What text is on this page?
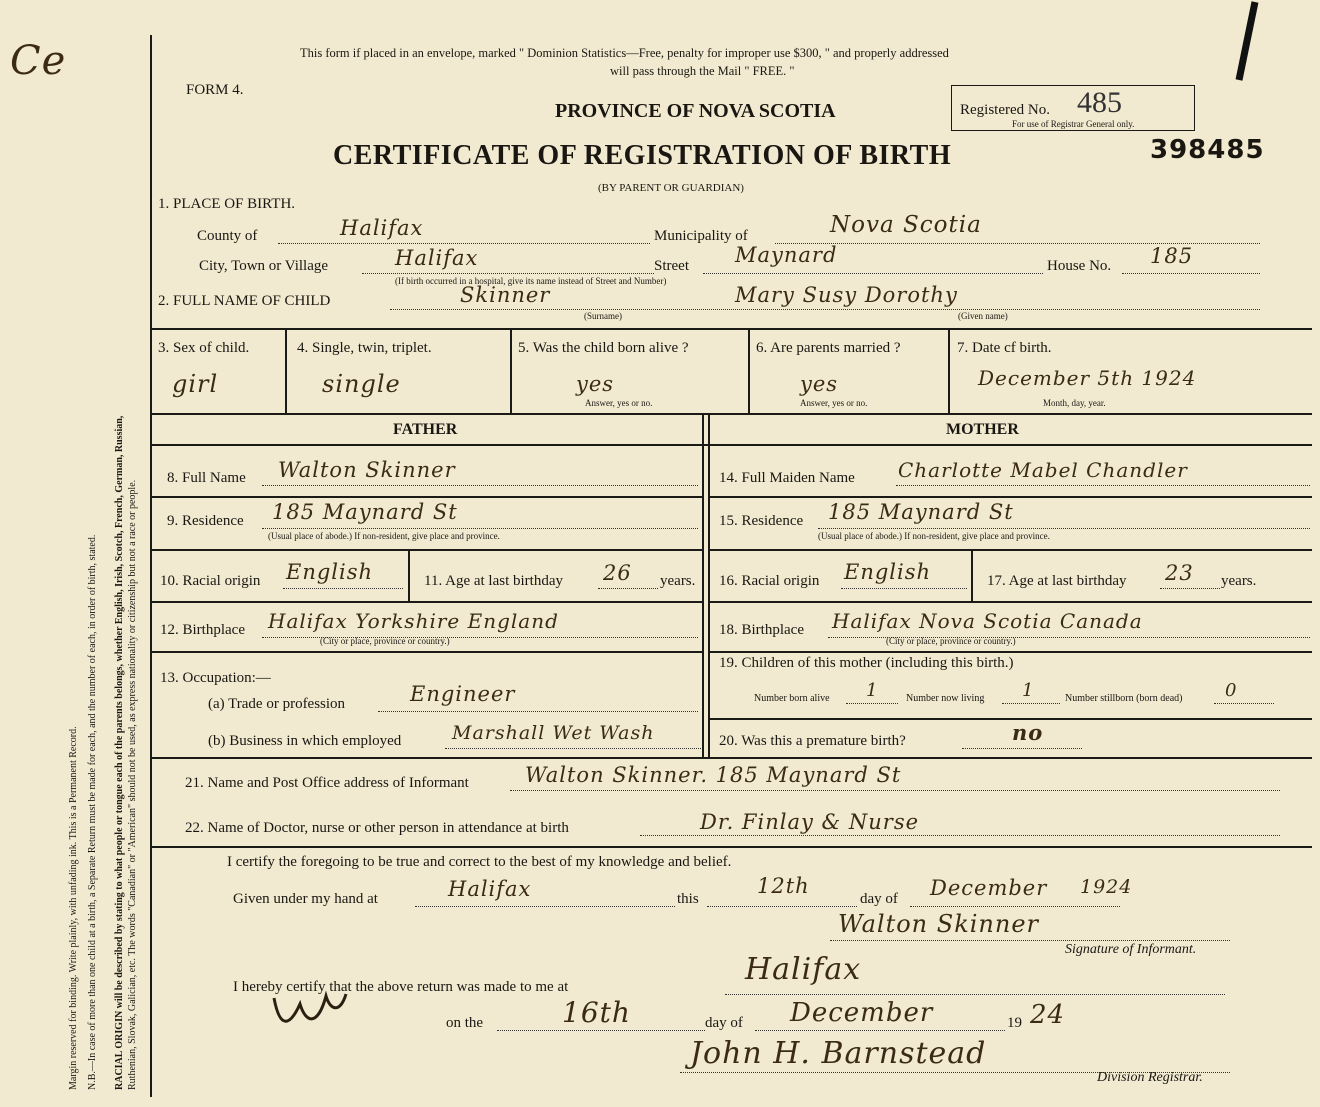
Margin reserved for binding. Write plainly, with unfading ink. This is a Permanent Record. N.B.—In case of more than one child at a birth, a Separate Return must be made for each, and the number of each, in order of birth, stated. RACIAL ORIGIN will be described by stating to what people or tongue each of the parents belongs, whether English, Irish, Scotch, French, German, Russian, Ruthenian, Slovak, Galician, etc. The words "Canadian" or "American" should not be used, as express nationality or citizenship but not a race or people.
Ce	This form if placed in an envelope, marked " Dominion Statistics—Free, penalty for improper use $300, " and properly addressed
will pass through the Mail " FREE. "
FORM 4.
PROVINCE OF NOVA SCOTIA
CERTIFICATE OF REGISTRATION OF BIRTH
(BY PARENT OR GUARDIAN)
Registered No. 485
For use of Registrar General only.
398485
1. PLACE OF BIRTH.
County of	Halifax	Municipality of	Nova Scotia
City, Town or Village	Halifax
(If birth occurred in a hospital, give its name instead of Street and Number)
Street Maynard	House No. 185
2. FULL NAME OF CHILD	Skinner	Mary Susy Dorothy
(Surname)	(Given name)
3. Sex of child.
girl
4. Single, twin, triplet.
single
5. Was the child born alive ?
yes
Answer, yes or no.
6. Are parents married ?
yes
Answer, yes or no.
7. Date cf birth.
December 5th 1924
Month, day, year.
FATHER	MOTHER
8. Full Name Walton Skinner
9. Residence 185 Maynard St
(Usual place of abode.) If non-resident, give place and province.
10. Racial origin English	11. Age at last birthday 26 years.
12. Birthplace Halifax Yorkshire England
(City or place, province or country.)
13. Occupation:—
(a) Trade or profession	Engineer
(b) Business in which employed	Marshall Wet Wash
14. Full Maiden Name Charlotte Mabel Chandler
15. Residence 185 Maynard St
(Usual place of abode.) If non-resident, give place and province.
16. Racial origin English	17. Age at last birthday 23 years.
18. Birthplace Halifax Nova Scotia Canada
(City or place, province or country.)
19. Children of this mother (including this birth.)
Number born alive 1	Number now living 1	Number stillborn (born dead) 0
20. Was this a premature birth?	no
21. Name and Post Office address of Informant	Walton Skinner. 185 Maynard St
22. Name of Doctor, nurse or other person in attendance at birth	Dr. Finlay & Nurse
I certify the foregoing to be true and correct to the best of my knowledge and belief.
Given under my hand at	Halifax	this
12th
day of December 1924
Walton Skinner
Signature of Informant.
I hereby certify that the above return was made to me at	Halifax
on the	16th	day of December	19 24
John H. Barnstead
Division Registrar.
